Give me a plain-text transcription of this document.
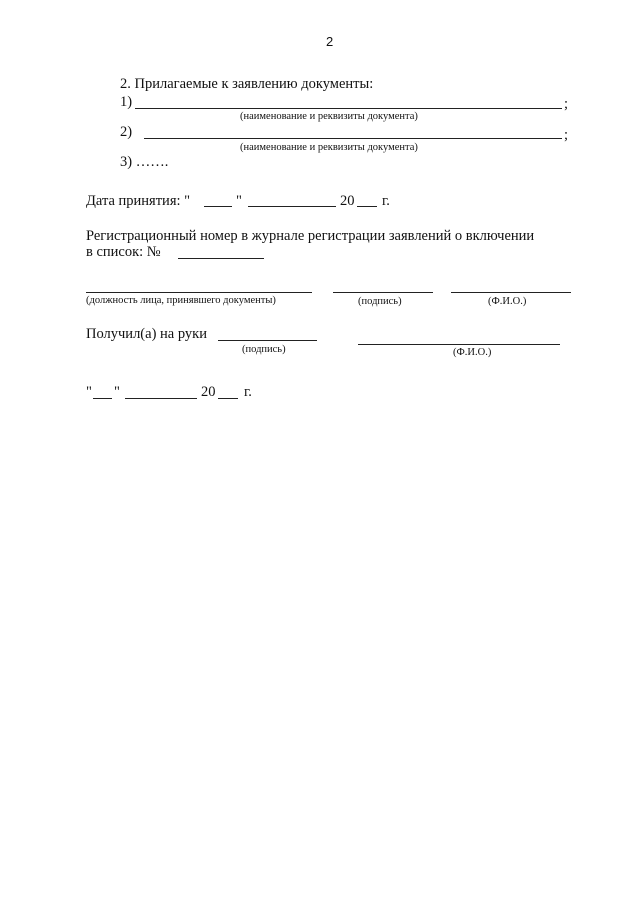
2
2. Прилагаемые к заявлению документы:
1)	;
(наименование и реквизиты документа)
2)	;
(наименование и реквизиты документа)
3) …….
Дата принятия: "	"	20 г.
Регистрационный номер в журнале регистрации заявлений о включении
в список: №
(должность лица, принявшего документы)	(подпись)	(Ф.И.О.)
Получил(а) на руки
(подпись)	(Ф.И.О.)
" "	20 г.
